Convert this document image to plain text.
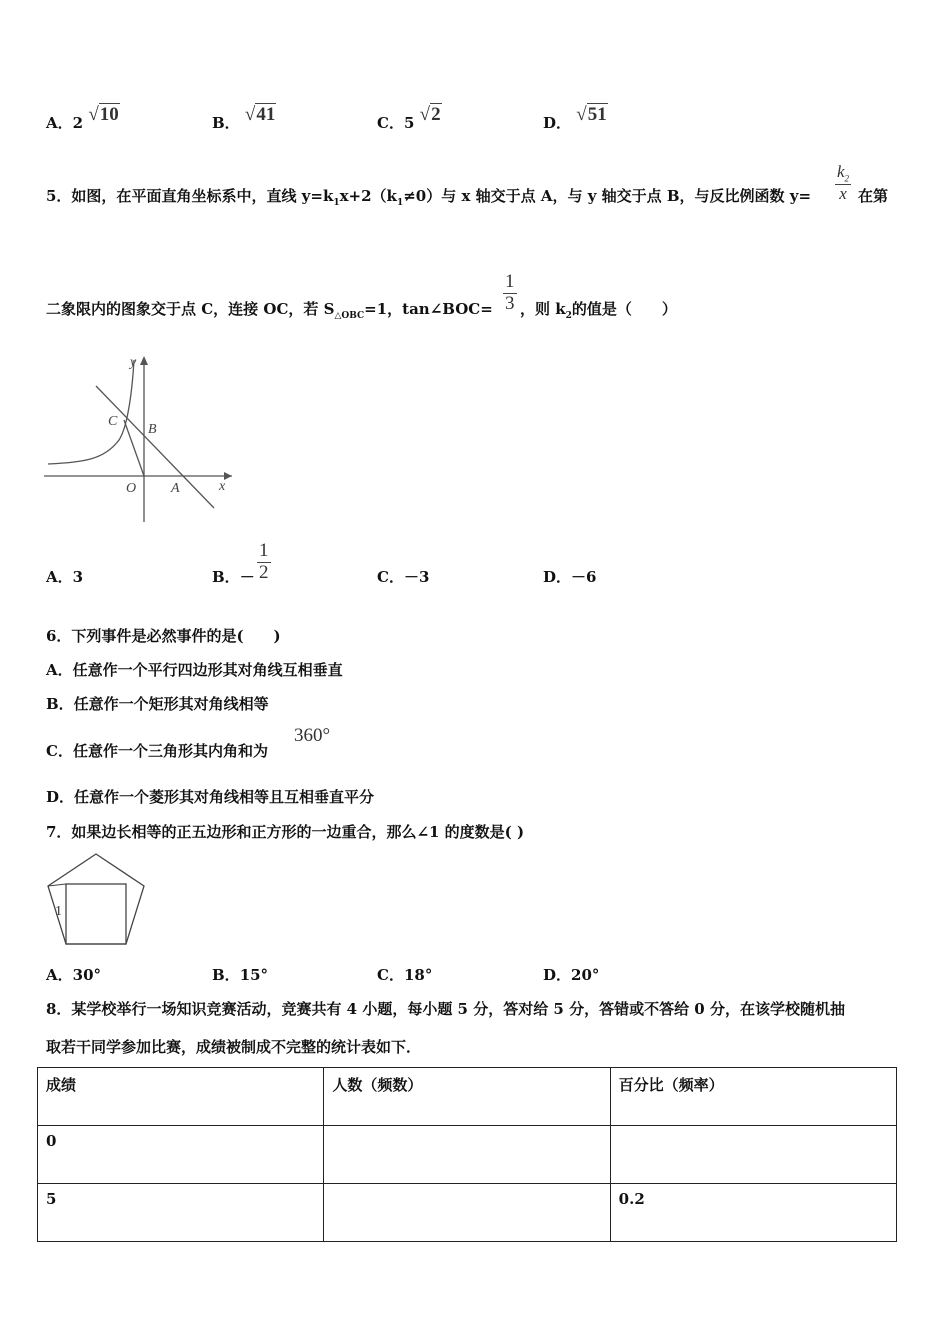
A．2 √10	B． √41	C．5 √2	D． √51
5．如图，在平面直角坐标系中，直线 $y=k_1x+2(k_1\ne 0)$与 x 轴交于点 A，与 y 轴交于点 B，与反比例函数 $y= \frac{k_2}{x}$ 在第
二象限内的图象交于点 C，连接 OC，若 $S_{\triangle OBC}=1$，tan∠BOC= $\frac{1}{3}$ ，则 $k_2$的值是（　　）
y
x
C
B
O A
A．3	B．－ $\frac{1}{2}$	C．－3	D．－6
6．下列事件是必然事件的是(　　)
A．任意作一个平行四边形其对角线互相垂直
B．任意作一个矩形其对角线相等
C．任意作一个三角形其内角和为
360°
D．任意作一个菱形其对角线相等且互相垂直平分
7．如果边长相等的正五边形和正方形的一边重合，那么∠1 的度数是( )
1
A．30°	B．15°	C．18°	D．20°
8．某学校举行一场知识竞赛活动，竞赛共有 4 小题，每小题 5 分，答对给 5 分，答错或不答给 0 分，在该学校随机抽
取若干同学参加比赛，成绩被制成不完整的统计表如下．
成绩	人数（频数）	百分比（频率）
0		
5		0.2
